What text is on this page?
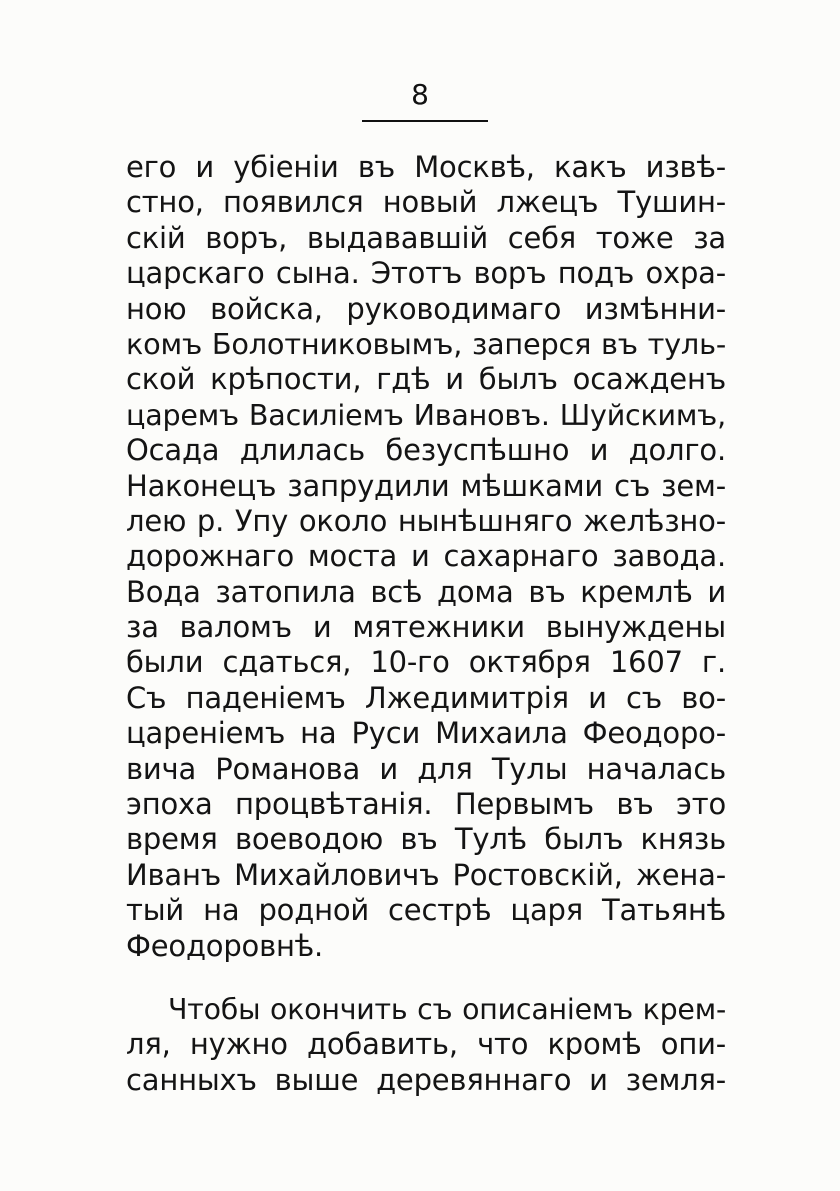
8
его и убіеніи въ Москвѣ, какъ извѣ-
стно, появился новый лжецъ Тушин-
скій воръ, выдававшій себя тоже за
царскаго сына. Этотъ воръ подъ охра-
ною войска, руководимаго измѣнни-
комъ Болотниковымъ, заперся въ туль-
ской крѣпости, гдѣ и былъ осажденъ
царемъ Василіемъ Ивановъ. Шуйскимъ,
Осада длилась безуспѣшно и долго.
Наконецъ запрудили мѣшками съ зем-
лею р. Упу около нынѣшняго желѣзно-
дорожнаго моста и сахарнаго завода.
Вода затопила всѣ дома въ кремлѣ и
за валомъ и мятежники вынуждены
были сдаться, 10-го октября 1607 г.
Съ паденіемъ Лжедимитрія и съ во-
цареніемъ на Руси Михаила Феодоро-
вича Романова и для Тулы началась
эпоха процвѣтанія. Первымъ въ это
время воеводою въ Тулѣ былъ князь
Иванъ Михайловичъ Ростовскій, жена-
тый на родной сестрѣ царя Татьянѣ
Феодоровнѣ.
Чтобы окончить съ описаніемъ крем-
ля, нужно добавить, что кромѣ опи-
санныхъ выше деревяннаго и земля-
